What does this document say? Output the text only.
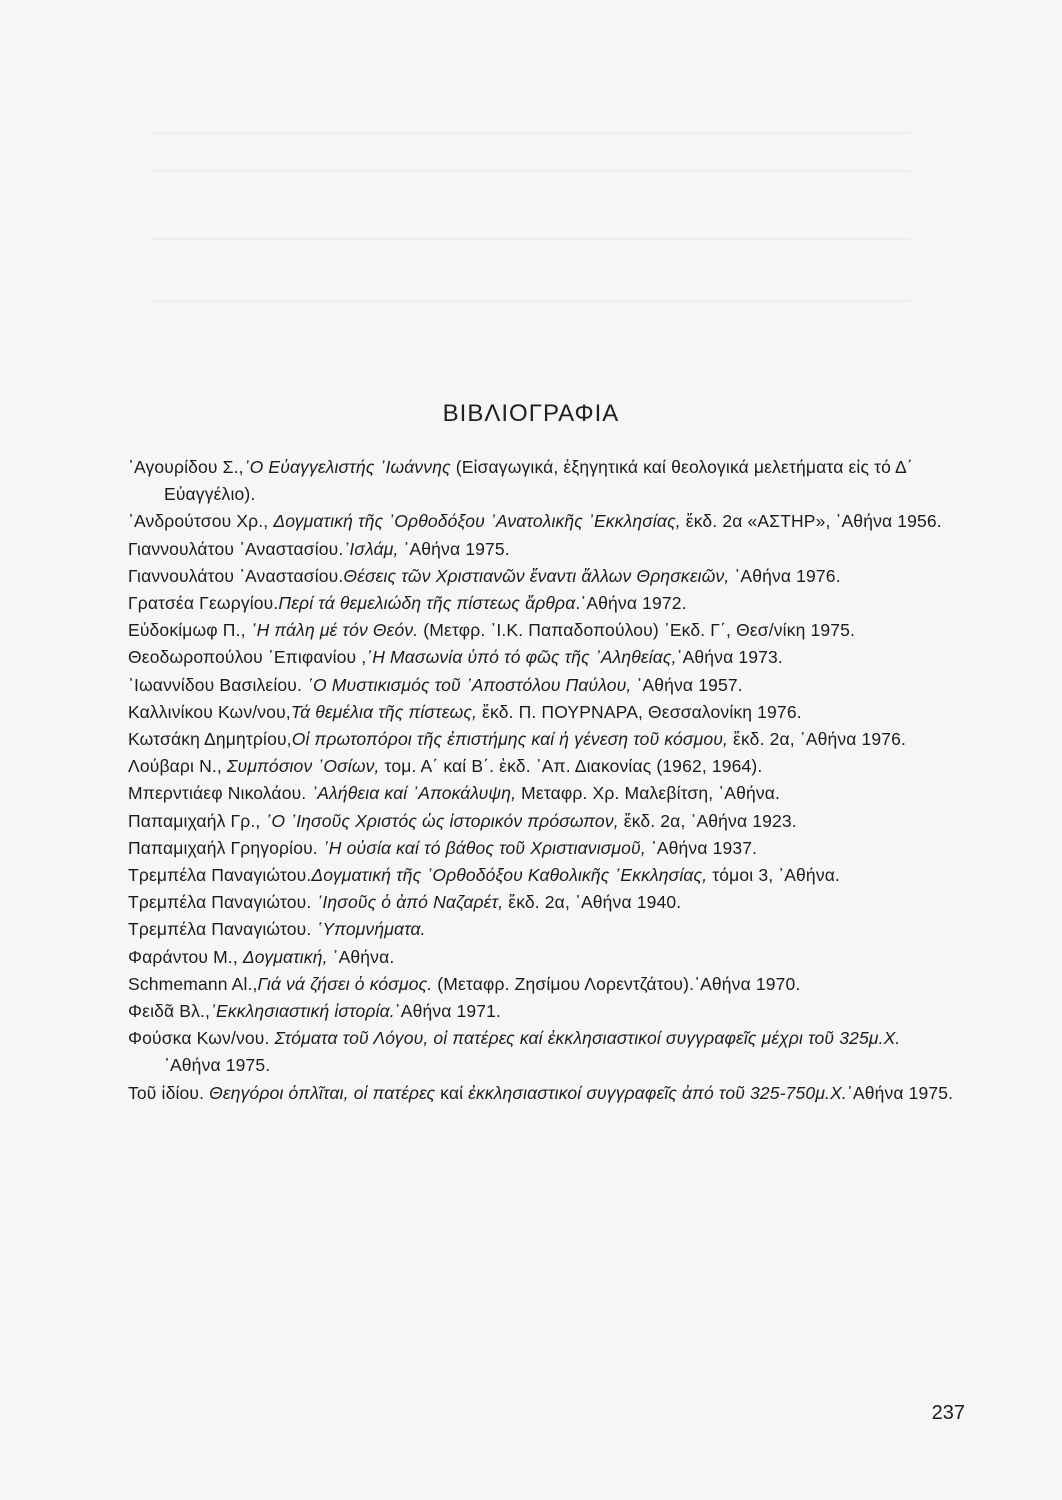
ΒΙΒΛΙΟΓΡΑΦΙΑ
᾿Αγουρίδου Σ.,᾿Ο Εὐαγγελιστής ᾿Ιωάννης (Εἰσαγωγικά, ἐξηγητικά καί θεολογικά μελετήματα εἰς τό Δ΄ Εὐαγγέλιο).
᾿Ανδρούτσου Χρ., Δογματική τῆς ᾿Ορθοδόξου ᾿Ανατολικῆς ᾿Εκκλησίας, ἔκδ. 2α «ΑΣΤΗΡ», ᾿Αθήνα 1956.
Γιαννουλάτου ᾿Αναστασίου.᾿Ισλάμ, ᾿Αθήνα 1975.
Γιαννουλάτου ᾿Αναστασίου.Θέσεις τῶν Χριστιανῶν ἔναντι ἄλλων Θρησκειῶν, ᾿Αθήνα 1976.
Γρατσέα Γεωργίου.Περί τά θεμελιώδη τῆς πίστεως ἄρθρα.᾿Αθήνα 1972.
Εὐδοκίμωφ Π., ῾Η πάλη μέ τόν Θεόν. (Μετφρ. ᾿Ι.Κ. Παπαδοπούλου) ᾿Εκδ. Γ΄, Θεσ/νίκη 1975.
Θεοδωροπούλου ᾿Επιφανίου ,῾Η Μασωνία ὑπό τό φῶς τῆς ᾿Αληθείας,᾿Αθήνα 1973.
᾿Ιωαννίδου Βασιλείου. ῾Ο Μυστικισμός τοῦ ᾿Αποστόλου Παύλου, ᾿Αθήνα 1957.
Καλλινίκου Κων/νου,Τά θεμέλια τῆς πίστεως, ἔκδ. Π. ΠΟΥΡΝΑΡΑ, Θεσσαλονίκη 1976.
Κωτσάκη Δημητρίου,Οἱ πρωτοπόροι τῆς ἐπιστήμης καί ἡ γένεση τοῦ κόσμου, ἔκδ. 2α, ᾿Αθήνα 1976.
Λούβαρι Ν., Συμπόσιον ᾿Οσίων, τομ. Α΄ καί Β΄. ἐκδ. ᾿Απ. Διακονίας (1962, 1964).
Μπερντιάεφ Νικολάου. ᾿Αλήθεια καί ᾿Αποκάλυψη, Μεταφρ. Χρ. Μαλεβίτση, ᾿Αθήνα.
Παπαμιχαήλ Γρ., ῾Ο ᾿Ιησοῦς Χριστός ὡς ἱστορικόν πρόσωπον, ἔκδ. 2α, ᾿Αθήνα 1923.
Παπαμιχαήλ Γρηγορίου. ῾Η οὐσία καί τό βάθος τοῦ Χριστιανισμοῦ, ᾿Αθήνα 1937.
Τρεμπέλα Παναγιώτου.Δογματική τῆς ᾿Ορθοδόξου Καθολικῆς ᾿Εκκλησίας, τόμοι 3, ᾿Αθήνα.
Τρεμπέλα Παναγιώτου. ᾿Ιησοῦς ὁ ἀπό Ναζαρέτ, ἔκδ. 2α, ᾿Αθήνα 1940.
Τρεμπέλα Παναγιώτου. ῾Υπομνήματα.
Φαράντου Μ., Δογματική, ᾿Αθήνα.
Schmemann Al.,Γιά νά ζήσει ὁ κόσμος. (Μεταφρ. Ζησίμου Λορεντζάτου).᾿Αθήνα 1970.
Φειδᾶ Βλ.,᾿Εκκλησιαστική ἱστορία.᾿Αθήνα 1971.
Φούσκα Κων/νου. Στόματα τοῦ Λόγου, οἱ πατέρες καί ἐκκλησιαστικοί συγγραφεῖς μέχρι τοῦ 325μ.Χ. ᾿Αθήνα 1975.
Τοῦ ἰδίου. Θεηγόροι ὁπλῖται, οἱ πατέρες καί ἐκκλησιαστικοί συγγραφεῖς ἀπό τοῦ 325-750μ.Χ.᾿Αθήνα 1975.
237
